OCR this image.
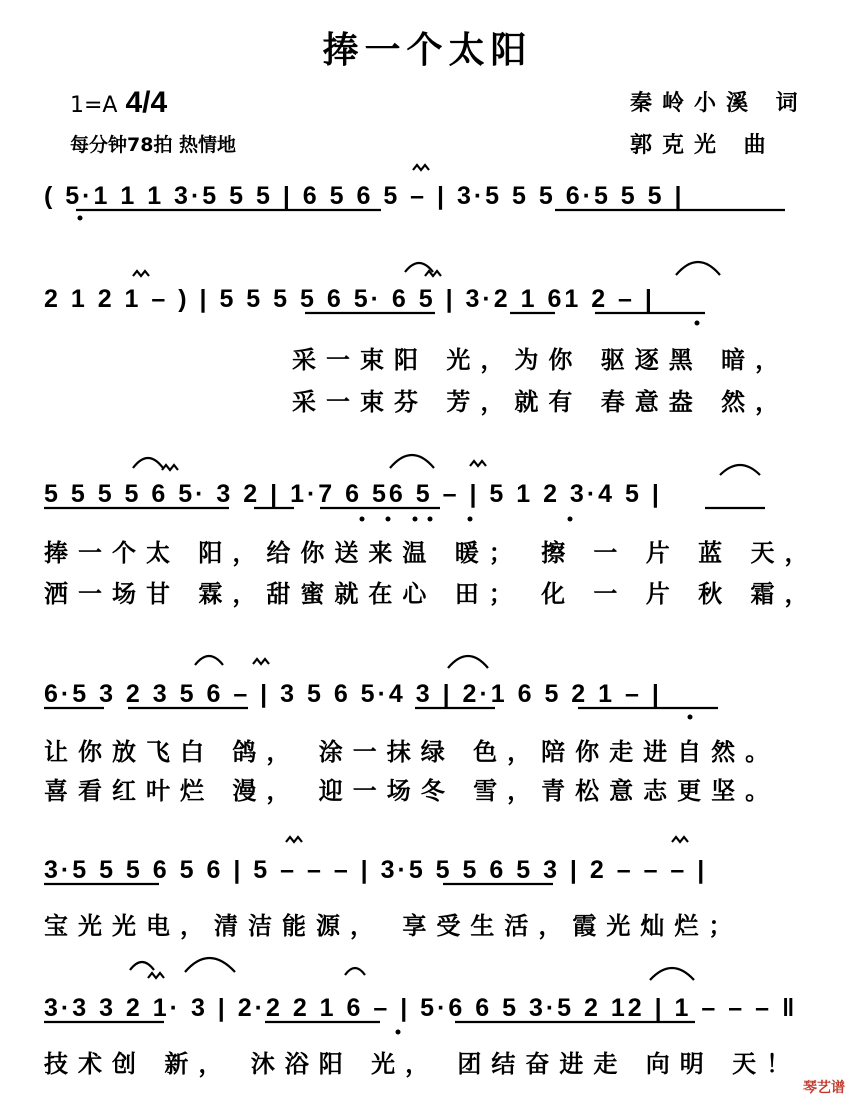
捧一个太阳
1=A 4/4
每分钟78拍 热情地
秦岭小溪 词
郭克光 曲
( 5·1 1 1 3·5 5 5 | 6 5 6 5 – | 3·5 5 5 6·5 5 5 |
2 1 2 1 – ) | 5 5 5 5 6 5· 6 5 | 3·2 1 61 2 – |
采一束阳 光，为你 驱逐黑 暗，
采一束芬 芳，就有 春意盎 然，
5 5 5 5 6 5· 3 2 | 1·7 6 56 5 – | 5 1 2 3·4 5 |
捧一个太 阳，给你送来温 暖； 擦 一 片 蓝 天，
洒一场甘 霖，甜蜜就在心 田； 化 一 片 秋 霜，
6·5 3 2 3 5 6 – | 3 5 6 5·4 3 | 2·1 6 5 2 1 – |
让你放飞白 鸽， 涂一抹绿 色，陪你走进自然。
喜看红叶烂 漫， 迎一场冬 雪，青松意志更坚。
3·5 5 5 6 5 6 | 5 – – – | 3·5 5 5 6 5 3 | 2 – – – |
宝光光电，清洁能源， 享受生活，霞光灿烂；
3·3 3 2 1· 3 | 2·2 2 1 6 – | 5·6 6 5 3·5 2 12 | 1 – – – ‖
技术创 新， 沐浴阳 光， 团结奋进走 向明 天！
琴艺谱
